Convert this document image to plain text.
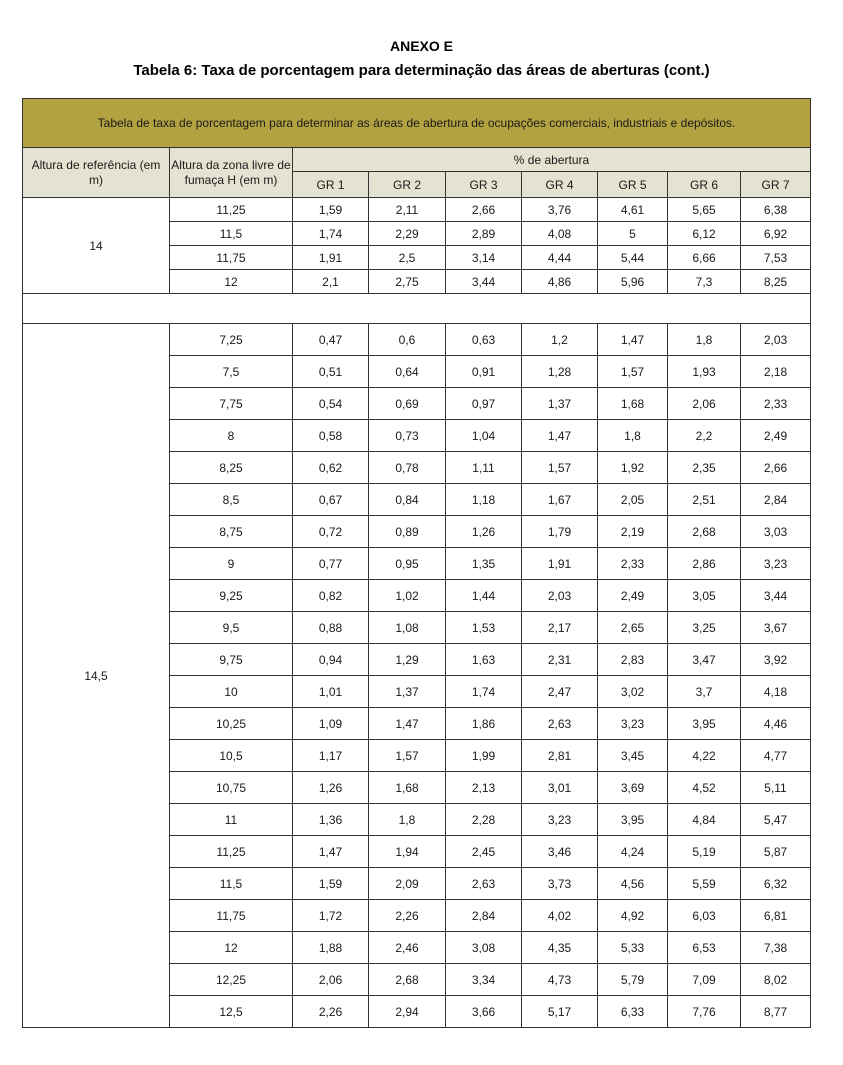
ANEXO E
Tabela 6: Taxa de porcentagem para determinação das áreas de aberturas (cont.)
Tabela de taxa de porcentagem para determinar as áreas de abertura de ocupações comerciais, industriais e depósitos.								
Altura de referência (em m)	Altura da zona livre de fumaça H (em m)	% de abertura						
		GR 1	GR 2	GR 3	GR 4	GR 5	GR 6	GR 7
14	11,25	1,59	2,11	2,66	3,76	4,61	5,65	6,38
	11,5	1,74	2,29	2,89	4,08	5	6,12	6,92
	11,75	1,91	2,5	3,14	4,44	5,44	6,66	7,53
	12	2,1	2,75	3,44	4,86	5,96	7,3	8,25

14,5	7,25	0,47	0,6	0,63	1,2	1,47	1,8	2,03
	7,5	0,51	0,64	0,91	1,28	1,57	1,93	2,18
	7,75	0,54	0,69	0,97	1,37	1,68	2,06	2,33
	8	0,58	0,73	1,04	1,47	1,8	2,2	2,49
	8,25	0,62	0,78	1,11	1,57	1,92	2,35	2,66
	8,5	0,67	0,84	1,18	1,67	2,05	2,51	2,84
	8,75	0,72	0,89	1,26	1,79	2,19	2,68	3,03
	9	0,77	0,95	1,35	1,91	2,33	2,86	3,23
	9,25	0,82	1,02	1,44	2,03	2,49	3,05	3,44
	9,5	0,88	1,08	1,53	2,17	2,65	3,25	3,67
	9,75	0,94	1,29	1,63	2,31	2,83	3,47	3,92
	10	1,01	1,37	1,74	2,47	3,02	3,7	4,18
	10,25	1,09	1,47	1,86	2,63	3,23	3,95	4,46
	10,5	1,17	1,57	1,99	2,81	3,45	4,22	4,77
	10,75	1,26	1,68	2,13	3,01	3,69	4,52	5,11
	11	1,36	1,8	2,28	3,23	3,95	4,84	5,47
	11,25	1,47	1,94	2,45	3,46	4,24	5,19	5,87
	11,5	1,59	2,09	2,63	3,73	4,56	5,59	6,32
	11,75	1,72	2,26	2,84	4,02	4,92	6,03	6,81
	12	1,88	2,46	3,08	4,35	5,33	6,53	7,38
	12,25	2,06	2,68	3,34	4,73	5,79	7,09	8,02
	12,5	2,26	2,94	3,66	5,17	6,33	7,76	8,77
